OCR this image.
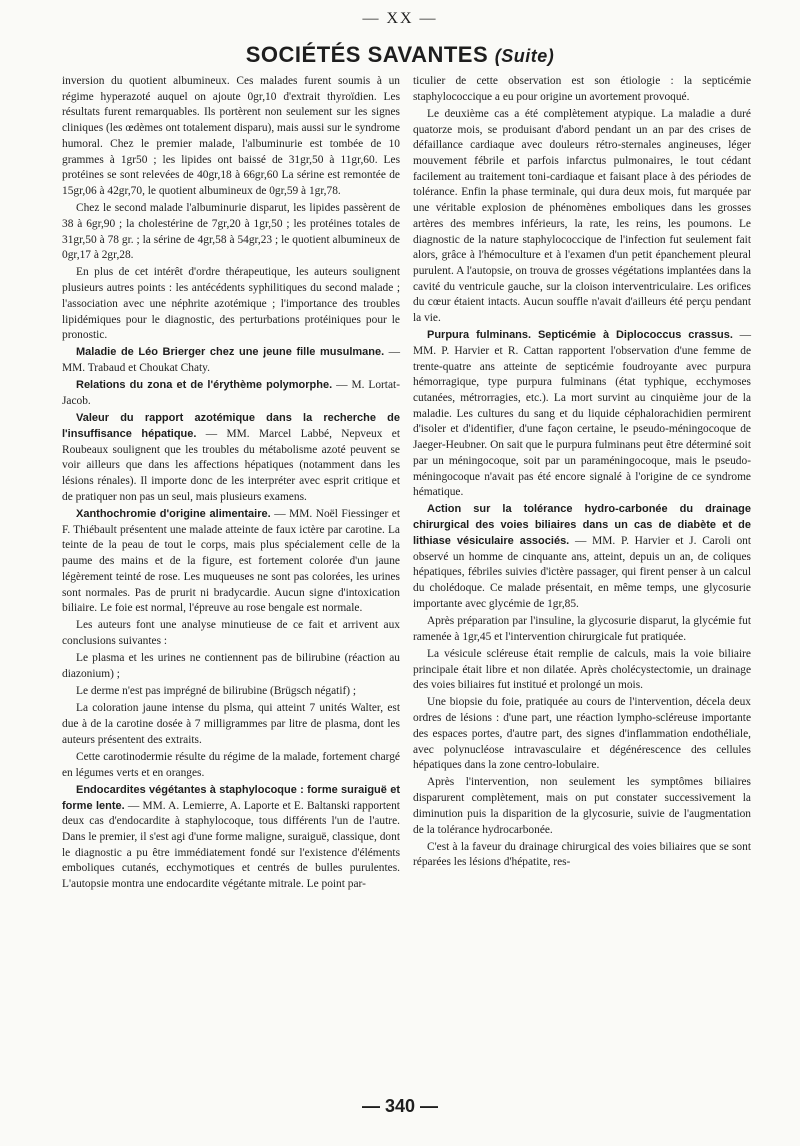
— XX —
SOCIÉTÉS SAVANTES (Suite)

inversion du quotient albumineux. Ces malades furent soumis à un régime hyperazoté auquel on ajoute 0gr,10 d'extrait thyroïdien. Les résultats furent remarquables. Ils portèrent non seulement sur les signes cliniques (les œdèmes ont totalement disparu), mais aussi sur le syndrome humoral. Chez le premier malade, l'albuminurie est tombée de 10 grammes à 1gr50 ; les lipides ont baissé de 31gr,50 à 11gr,60. Les protéines se sont relevées de 40gr,18 à 66gr,60 La sérine est remontée de 15gr,06 à 42gr,70, le quotient albumineux de 0gr,59 à 1gr,78.

Chez le second malade l'albuminurie disparut, les lipides passèrent de 38 à 6gr,90 ; la cholestérine de 7gr,20 à 1gr,50 ; les protéines totales de 31gr,50 à 78 gr. ; la sérine de 4gr,58 à 54gr,23 ; le quotient albumineux de 0gr,17 à 2gr,28.

En plus de cet intérêt d'ordre thérapeutique, les auteurs soulignent plusieurs autres points : les antécédents syphilitiques du second malade ; l'association avec une néphrite azotémique ; l'importance des troubles lipidémiques pour le diagnostic, des perturbations protéiniques pour le pronostic.

Maladie de Léo Brierger chez une jeune fille musulmane. — MM. Trabaud et Choukat Chaty.

Relations du zona et de l'érythème polymorphe. — M. Lortat-Jacob.

Valeur du rapport azotémique dans la recherche de l'insuffisance hépatique. — MM. Marcel Labbé, Nepveux et Roubeaux soulignent que les troubles du métabolisme azoté peuvent se voir ailleurs que dans les affections hépatiques (notamment dans les lésions rénales). Il importe donc de les interpréter avec esprit critique et de pratiquer non pas un seul, mais plusieurs examens.

Xanthochromie d'origine alimentaire. — MM. Noël Fiessinger et F. Thiébault présentent une malade atteinte de faux ictère par carotine. La teinte de la peau de tout le corps, mais plus spécialement celle de la paume des mains et de la figure, est fortement colorée d'un jaune légèrement teinté de rose. Les muqueuses ne sont pas colorées, les urines sont normales. Pas de prurit ni bradycardie. Aucun signe d'intoxication biliaire. Le foie est normal, l'épreuve au rose bengale est normale.

Les auteurs font une analyse minutieuse de ce fait et arrivent aux conclusions suivantes :

Le plasma et les urines ne contiennent pas de bilirubine (réaction au diazonium) ;

Le derme n'est pas imprégné de bilirubine (Brügsch négatif) ;

La coloration jaune intense du plsma, qui atteint 7 unités Walter, est due à de la carotine dosée à 7 milligrammes par litre de plasma, dont les auteurs présentent des extraits.

Cette carotinodermie résulte du régime de la malade, fortement chargé en légumes verts et en oranges.

Endocardites végétantes à staphylocoque : forme suraiguë et forme lente. — MM. A. Lemierre, A. Laporte et E. Baltanski rapportent deux cas d'endocardite à staphylocoque, tous différents l'un de l'autre. Dans le premier, il s'est agi d'une forme maligne, suraiguë, classique, dont le diagnostic a pu être immédiatement fondé sur l'existence d'éléments emboliques cutanés, ecchymotiques et centrés de bulles purulentes. L'autopsie montra une endocardite végétante mitrale. Le point par-

ticulier de cette observation est son étiologie : la septicémie staphylococcique a eu pour origine un avortement provoqué.

Le deuxième cas a été complètement atypique. La maladie a duré quatorze mois, se produisant d'abord pendant un an par des crises de défaillance cardiaque avec douleurs rétro-sternales angineuses, léger mouvement fébrile et parfois infarctus pulmonaires, le tout cédant facilement au traitement toni-cardiaque et faisant place à des périodes de tolérance. Enfin la phase terminale, qui dura deux mois, fut marquée par une véritable explosion de phénomènes emboliques dans les grosses artères des membres inférieurs, la rate, les reins, les poumons. Le diagnostic de la nature staphylococcique de l'infection fut seulement fait alors, grâce à l'hémoculture et à l'examen d'un petit épanchement pleural purulent. A l'autopsie, on trouva de grosses végétations implantées dans la cavité du ventricule gauche, sur la cloison interventriculaire. Les orifices du cœur étaient intacts. Aucun souffle n'avait d'ailleurs été perçu pendant la vie.

Purpura fulminans. Septicémie à Diplococcus crassus. — MM. P. Harvier et R. Cattan rapportent l'observation d'une femme de trente-quatre ans atteinte de septicémie foudroyante avec purpura hémorragique, type purpura fulminans (état typhique, ecchymoses cutanées, métrorragies, etc.). La mort survint au cinquième jour de la maladie. Les cultures du sang et du liquide céphalorachidien permirent d'isoler et d'identifier, d'une façon certaine, le pseudo-méningocoque de Jaeger-Heubner. On sait que le purpura fulminans peut être déterminé soit par un méningocoque, soit par un paraméningocoque, mais le pseudo-méningocoque n'avait pas été encore signalé à l'origine de ce syndrome hématique.

Action sur la tolérance hydro-carbonée du drainage chirurgical des voies biliaires dans un cas de diabète et de lithiase vésiculaire associés. — MM. P. Harvier et J. Caroli ont observé un homme de cinquante ans, atteint, depuis un an, de coliques hépatiques, fébriles suivies d'ictère passager, qui firent penser à un calcul du cholédoque. Ce malade présentait, en même temps, une glycosurie importante avec glycémie de 1gr,85.

Après préparation par l'insuline, la glycosurie disparut, la glycémie fut ramenée à 1gr,45 et l'intervention chirurgicale fut pratiquée.

La vésicule scléreuse était remplie de calculs, mais la voie biliaire principale était libre et non dilatée. Après cholécystectomie, un drainage des voies biliaires fut institué et prolongé un mois.

Une biopsie du foie, pratiquée au cours de l'intervention, décela deux ordres de lésions : d'une part, une réaction lympho-scléreuse importante des espaces portes, d'autre part, des signes d'inflammation endothéliale, avec polynucléose intravasculaire et dégénérescence des cellules hépatiques dans la zone centro-lobulaire.

Après l'intervention, non seulement les symptômes biliaires disparurent complètement, mais on put constater successivement la diminution puis la disparition de la glycosurie, suivie de l'augmentation de la tolérance hydrocarbonée.

C'est à la faveur du drainage chirurgical des voies biliaires que se sont réparées les lésions d'hépatite, res-

— 340 —
